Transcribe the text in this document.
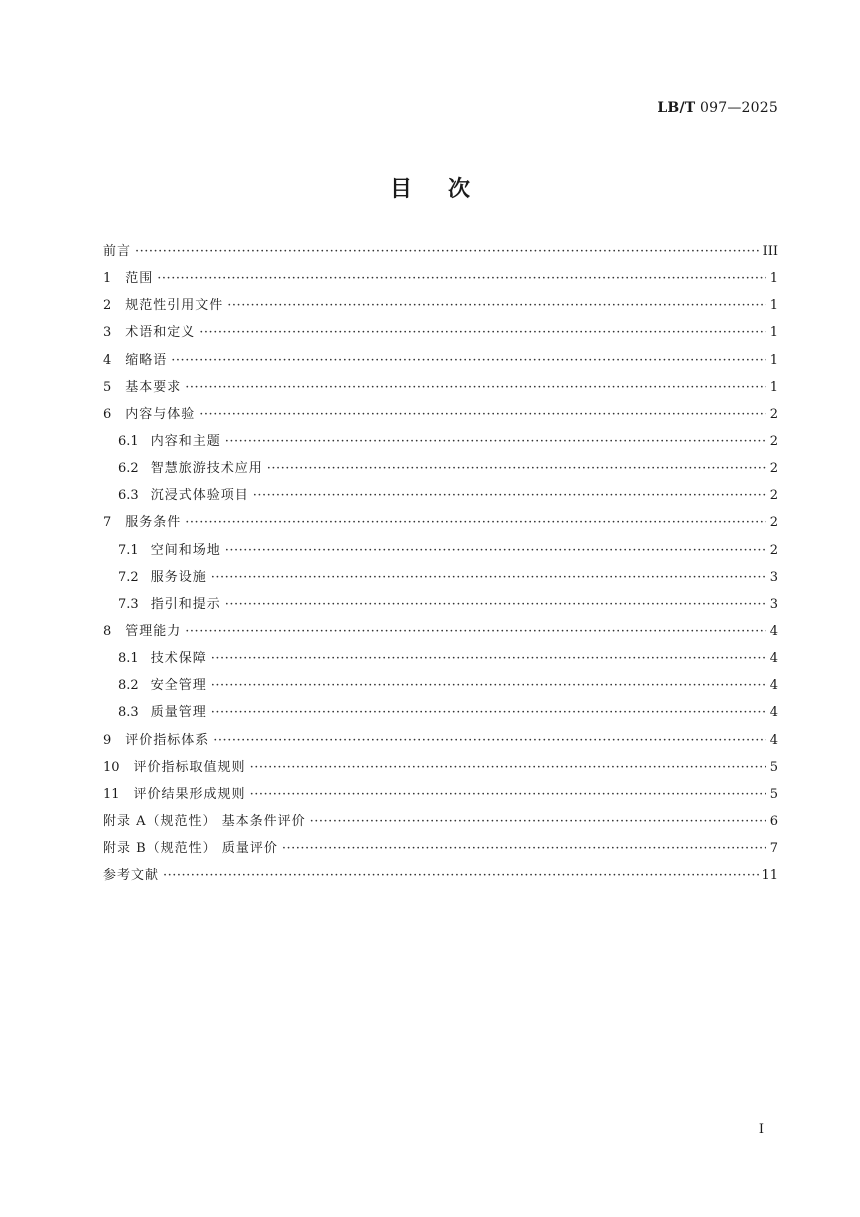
LB/T 097—2025
目次
前言 ·····	III
1	范围 ·····	1
2	规范性引用文件 ·····	1
3	术语和定义 ·····	1
4	缩略语 ·····	1
5	基本要求 ·····	1
6	内容与体验 ·····	2
6.1 内容和主题 ·····	2
6.2 智慧旅游技术应用 ·····	2
6.3 沉浸式体验项目 ·····	2
7	服务条件 ·····	2
7.1 空间和场地 ·····	2
7.2 服务设施 ·····	3
7.3 指引和提示 ·····	3
8	管理能力 ·····	4
8.1 技术保障 ·····	4
8.2 安全管理 ·····	4
8.3 质量管理 ·····	4
9	评价指标体系 ·····	4
10	评价指标取值规则 ·····	5
11	评价结果形成规则 ·····	5
附录 A（规范性） 基本条件评价 ·····	6
附录 B（规范性） 质量评价 ·····	7
参考文献 ·····	11
I
